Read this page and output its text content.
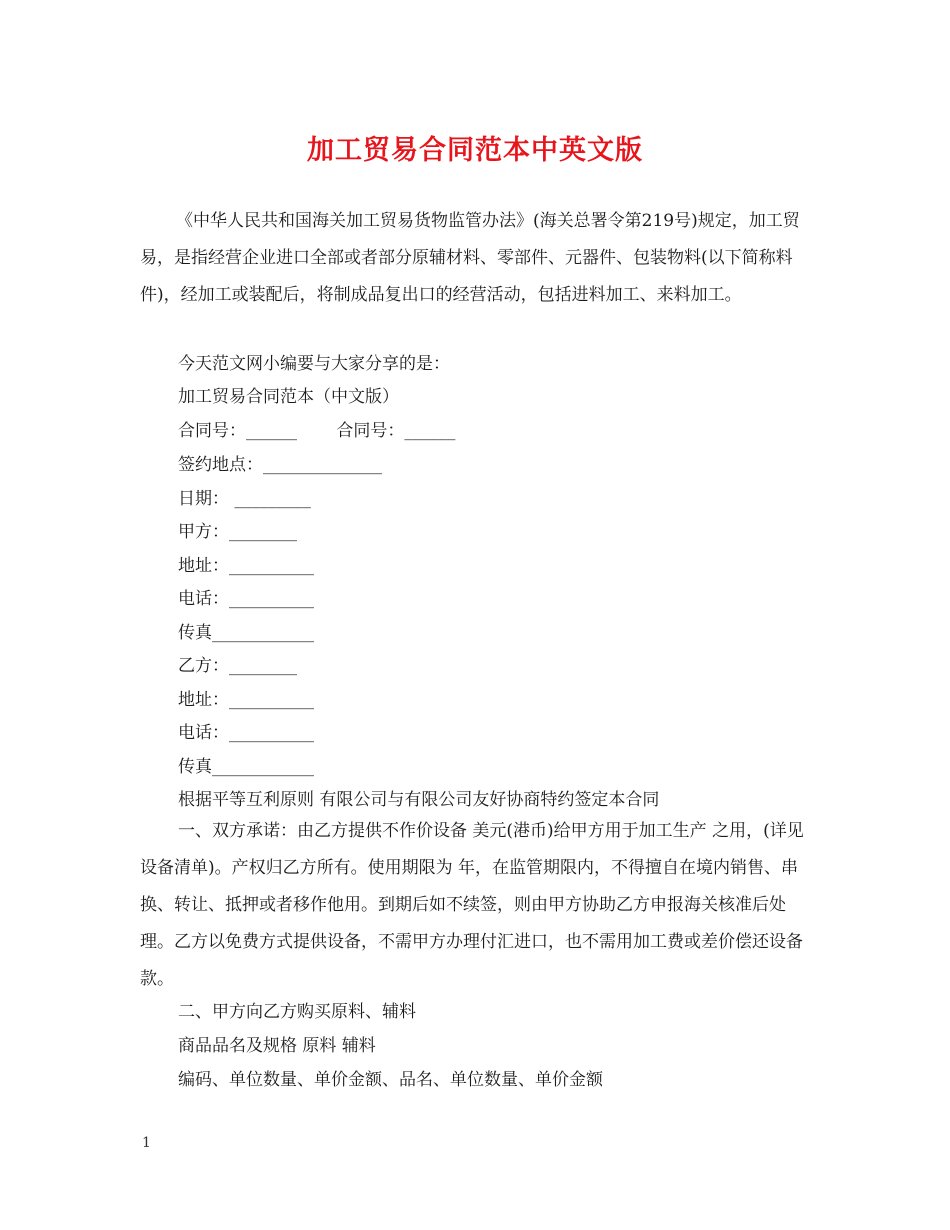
加工贸易合同范本中英文版

《中华人民共和国海关加工贸易货物监管办法》(海关总署令第219号)规定，加工贸易，是指经营企业进口全部或者部分原辅材料、零部件、元器件、包装物料(以下简称料件)，经加工或装配后，将制成品复出口的经营活动，包括进料加工、来料加工。

今天范文网小编要与大家分享的是：
加工贸易合同范本（中文版）
合同号：______　　 合同号：______
签约地点：______________
日期： _________
甲方：________
地址：__________
电话：__________
传真____________
乙方：________
地址：__________
电话：__________
传真____________
根据平等互利原则 有限公司与有限公司友好协商特约签定本合同

一、双方承诺：由乙方提供不作价设备 美元(港币)给甲方用于加工生产 之用，(详见设备清单)。产权归乙方所有。使用期限为 年，在监管期限内，不得擅自在境内销售、串换、转让、抵押或者移作他用。到期后如不续签，则由甲方协助乙方申报海关核准后处理。乙方以免费方式提供设备，不需甲方办理付汇进口，也不需用加工费或差价偿还设备款。

二、甲方向乙方购买原料、辅料
商品品名及规格 原料 辅料
编码、单位数量、单价金额、品名、单位数量、单价金额
1
